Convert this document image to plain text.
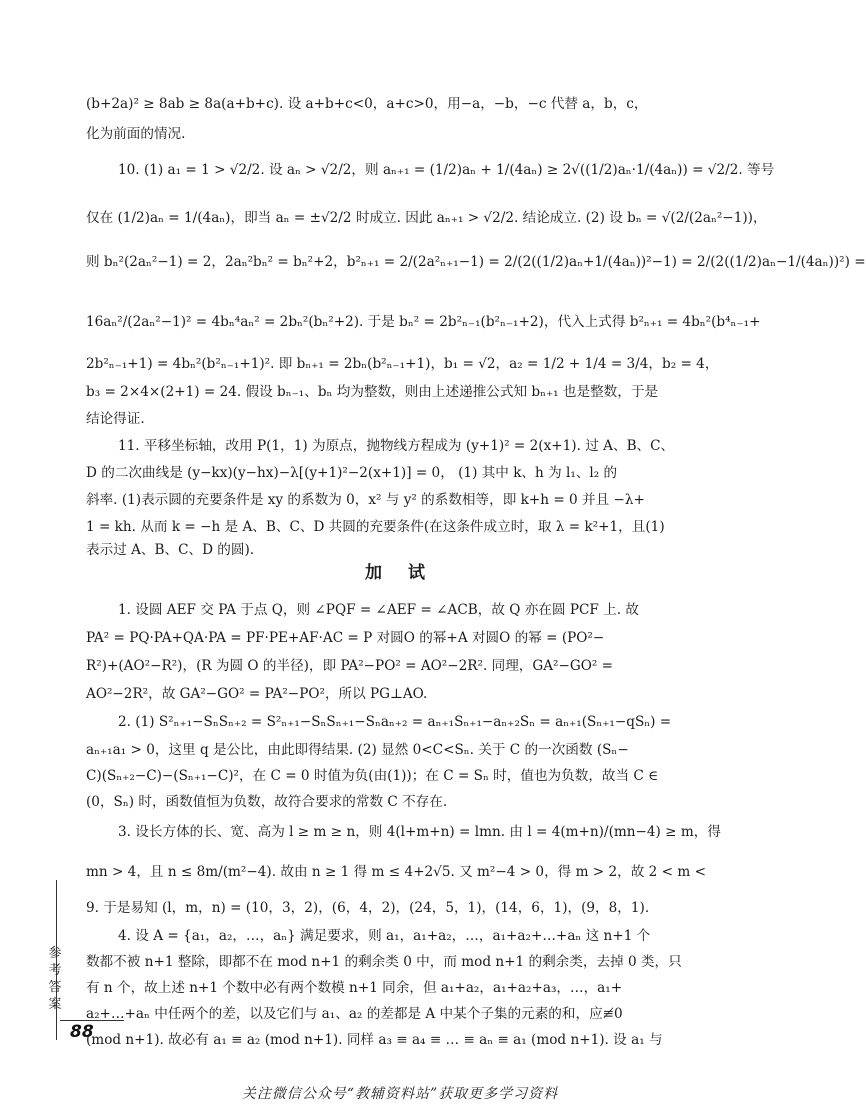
(b+2a)² ≥ 8ab ≥ 8a(a+b+c). 设 a+b+c<0，a+c>0，用−a，−b，−c 代替 a，b，c，
化为前面的情况.
10. (1) a₁ = 1 > √2/2. 设 aₙ > √2/2，则 aₙ₊₁ = (1/2)aₙ + 1/(4aₙ) ≥ 2√((1/2)aₙ·1/(4aₙ)) = √2/2. 等号
仅在 (1/2)aₙ = 1/(4aₙ)，即当 aₙ = ±√2/2 时成立. 因此 aₙ₊₁ > √2/2. 结论成立. (2) 设 bₙ = √(2/(2aₙ²−1))，
则 bₙ²(2aₙ²−1) = 2，2aₙ²bₙ² = bₙ²+2，b²ₙ₊₁ = 2/(2a²ₙ₊₁−1) = 2/(2((1/2)aₙ+1/(4aₙ))²−1) = 2/(2((1/2)aₙ−1/(4aₙ))²) =
16aₙ²/(2aₙ²−1)² = 4bₙ⁴aₙ² = 2bₙ²(bₙ²+2). 于是 bₙ² = 2b²ₙ₋₁(b²ₙ₋₁+2)，代入上式得 b²ₙ₊₁ = 4bₙ²(b⁴ₙ₋₁+
2b²ₙ₋₁+1) = 4bₙ²(b²ₙ₋₁+1)². 即 bₙ₊₁ = 2bₙ(b²ₙ₋₁+1)，b₁ = √2，a₂ = 1/2 + 1/4 = 3/4，b₂ = 4，
b₃ = 2×4×(2+1) = 24. 假设 bₙ₋₁、bₙ 均为整数，则由上述递推公式知 bₙ₊₁ 也是整数，于是
结论得证.
11. 平移坐标轴，改用 P(1，1) 为原点，抛物线方程成为 (y+1)² = 2(x+1). 过 A、B、C、
D 的二次曲线是 (y−kx)(y−hx)−λ[(y+1)²−2(x+1)] = 0， (1) 其中 k、h 为 l₁、l₂ 的
斜率. (1)表示圆的充要条件是 xy 的系数为 0，x² 与 y² 的系数相等，即 k+h = 0 并且 −λ+
1 = kh. 从而 k = −h 是 A、B、C、D 共圆的充要条件(在这条件成立时，取 λ = k²+1，且(1)
表示过 A、B、C、D 的圆).
加 试
1. 设圆 AEF 交 PA 于点 Q，则 ∠PQF = ∠AEF = ∠ACB，故 Q 亦在圆 PCF 上. 故
PA² = PQ·PA+QA·PA = PF·PE+AF·AC = P 对圆O 的幂+A 对圆O 的幂 = (PO²−
R²)+(AO²−R²)，(R 为圆 O 的半径)，即 PA²−PO² = AO²−2R². 同理，GA²−GO² =
AO²−2R²，故 GA²−GO² = PA²−PO²，所以 PG⊥AO.
2. (1) S²ₙ₊₁−SₙSₙ₊₂ = S²ₙ₊₁−SₙSₙ₊₁−Sₙaₙ₊₂ = aₙ₊₁Sₙ₊₁−aₙ₊₂Sₙ = aₙ₊₁(Sₙ₊₁−qSₙ) =
aₙ₊₁a₁ > 0，这里 q 是公比，由此即得结果. (2) 显然 0<C<Sₙ. 关于 C 的一次函数 (Sₙ−
C)(Sₙ₊₂−C)−(Sₙ₊₁−C)²，在 C = 0 时值为负(由(1))；在 C = Sₙ 时，值也为负数，故当 C ∈
(0，Sₙ) 时，函数值恒为负数，故符合要求的常数 C 不存在.
3. 设长方体的长、宽、高为 l ≥ m ≥ n，则 4(l+m+n) = lmn. 由 l = 4(m+n)/(mn−4) ≥ m，得
mn > 4，且 n ≤ 8m/(m²−4). 故由 n ≥ 1 得 m ≤ 4+2√5. 又 m²−4 > 0，得 m > 2，故 2 < m <
9. 于是易知 (l，m，n) = (10，3，2)，(6，4，2)，(24，5，1)，(14，6，1)，(9，8，1).
4. 设 A = {a₁，a₂，…，aₙ} 满足要求，则 a₁，a₁+a₂，…，a₁+a₂+…+aₙ 这 n+1 个
数都不被 n+1 整除，即都不在 mod n+1 的剩余类 0 中，而 mod n+1 的剩余类，去掉 0 类，只
有 n 个，故上述 n+1 个数中必有两个数模 n+1 同余，但 a₁+a₂，a₁+a₂+a₃，…，a₁+
a₂+…+aₙ 中任两个的差，以及它们与 a₁、a₂ 的差都是 A 中某个子集的元素的和，应≢0
(mod n+1). 故必有 a₁ ≡ a₂ (mod n+1). 同样 a₃ ≡ a₄ ≡ … ≡ aₙ ≡ a₁ (mod n+1). 设 a₁ 与
参考答案
88
关注微信公众号“教辅资料站”获取更多学习资料
